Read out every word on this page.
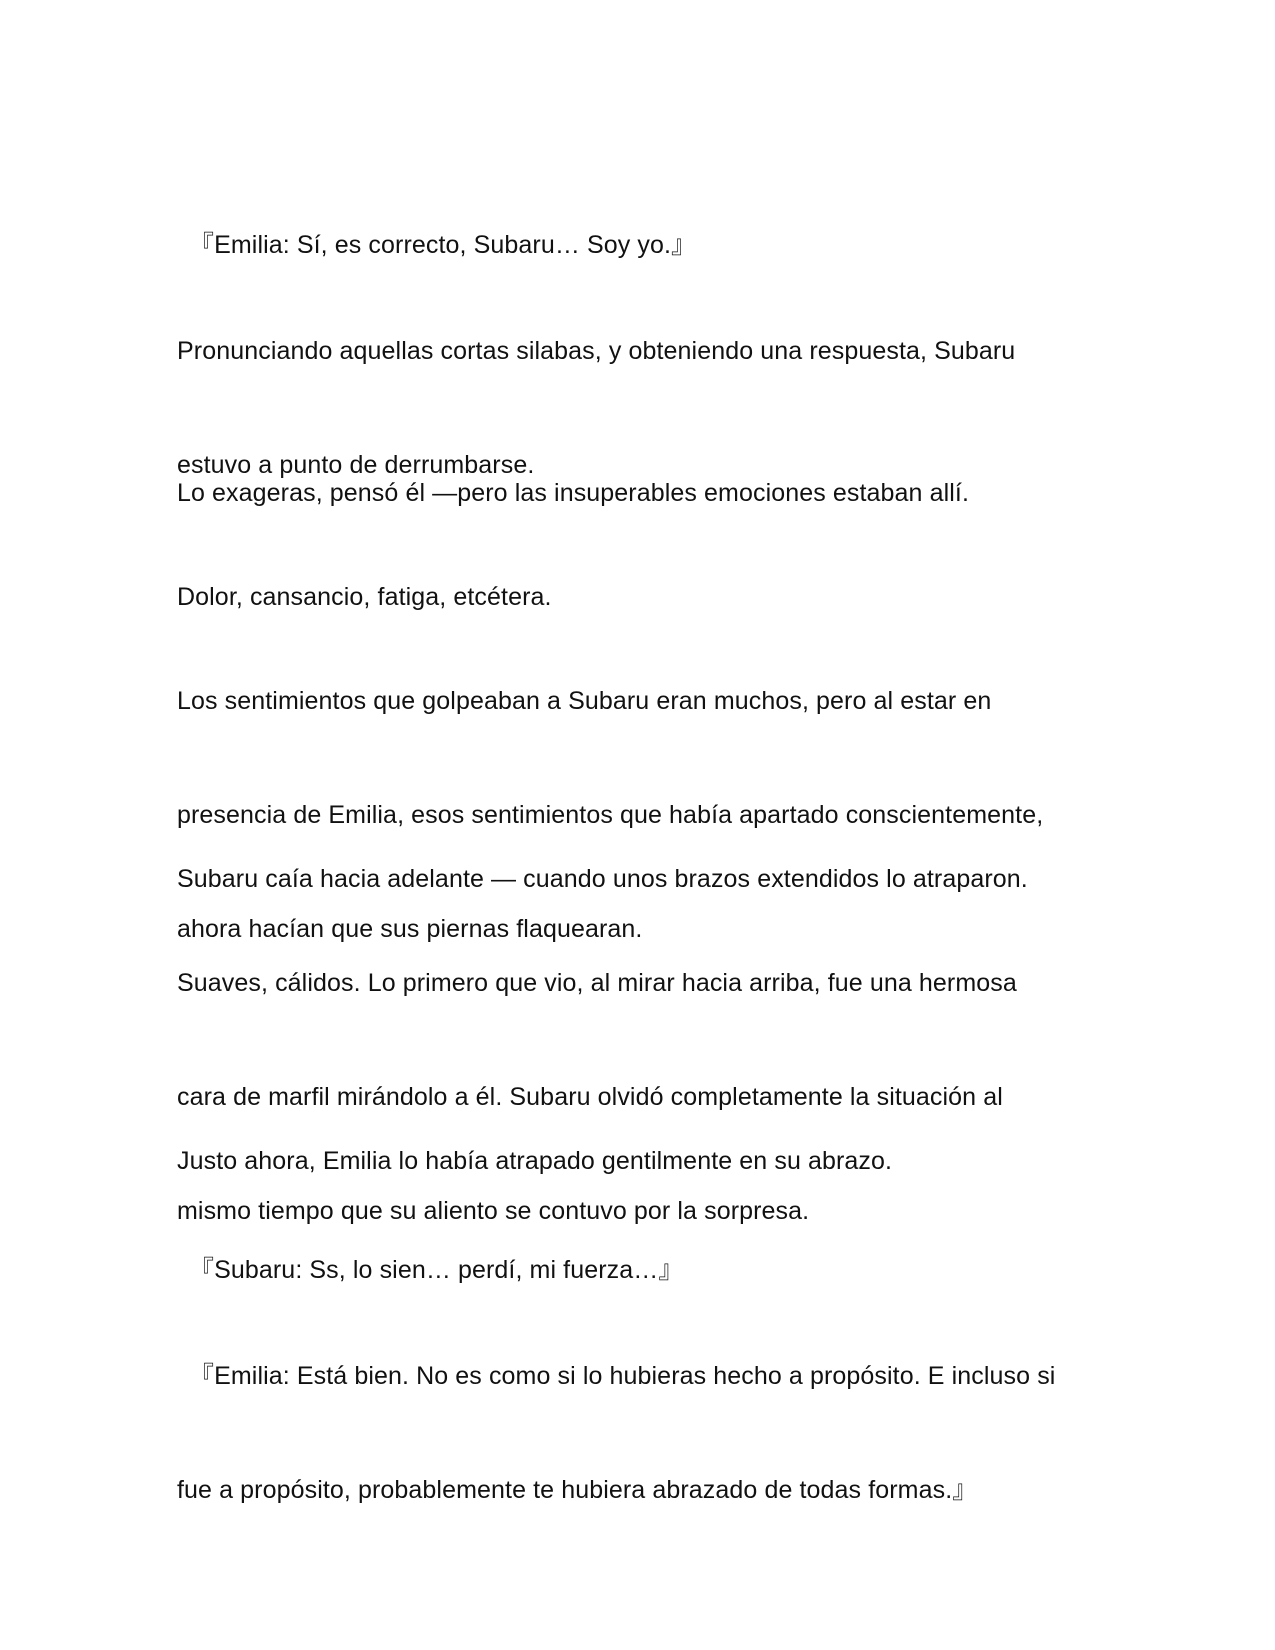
『Emilia: Sí, es correcto, Subaru… Soy yo.』

Pronunciando aquellas cortas silabas, y obteniendo una respuesta, Subaru

estuvo a punto de derrumbarse.

Lo exageras, pensó él —pero las insuperables emociones estaban allí.

Dolor, cansancio, fatiga, etcétera.

Los sentimientos que golpeaban a Subaru eran muchos, pero al estar en

presencia de Emilia, esos sentimientos que había apartado conscientemente,

ahora hacían que sus piernas flaquearan.

Subaru caía hacia adelante — cuando unos brazos extendidos lo atraparon.

Suaves, cálidos. Lo primero que vio, al mirar hacia arriba, fue una hermosa

cara de marfil mirándolo a él. Subaru olvidó completamente la situación al

mismo tiempo que su aliento se contuvo por la sorpresa.

Justo ahora, Emilia lo había atrapado gentilmente en su abrazo.

『Subaru: Ss, lo sien… perdí, mi fuerza…』

『Emilia: Está bien. No es como si lo hubieras hecho a propósito. E incluso si

fue a propósito, probablemente te hubiera abrazado de todas formas.』
